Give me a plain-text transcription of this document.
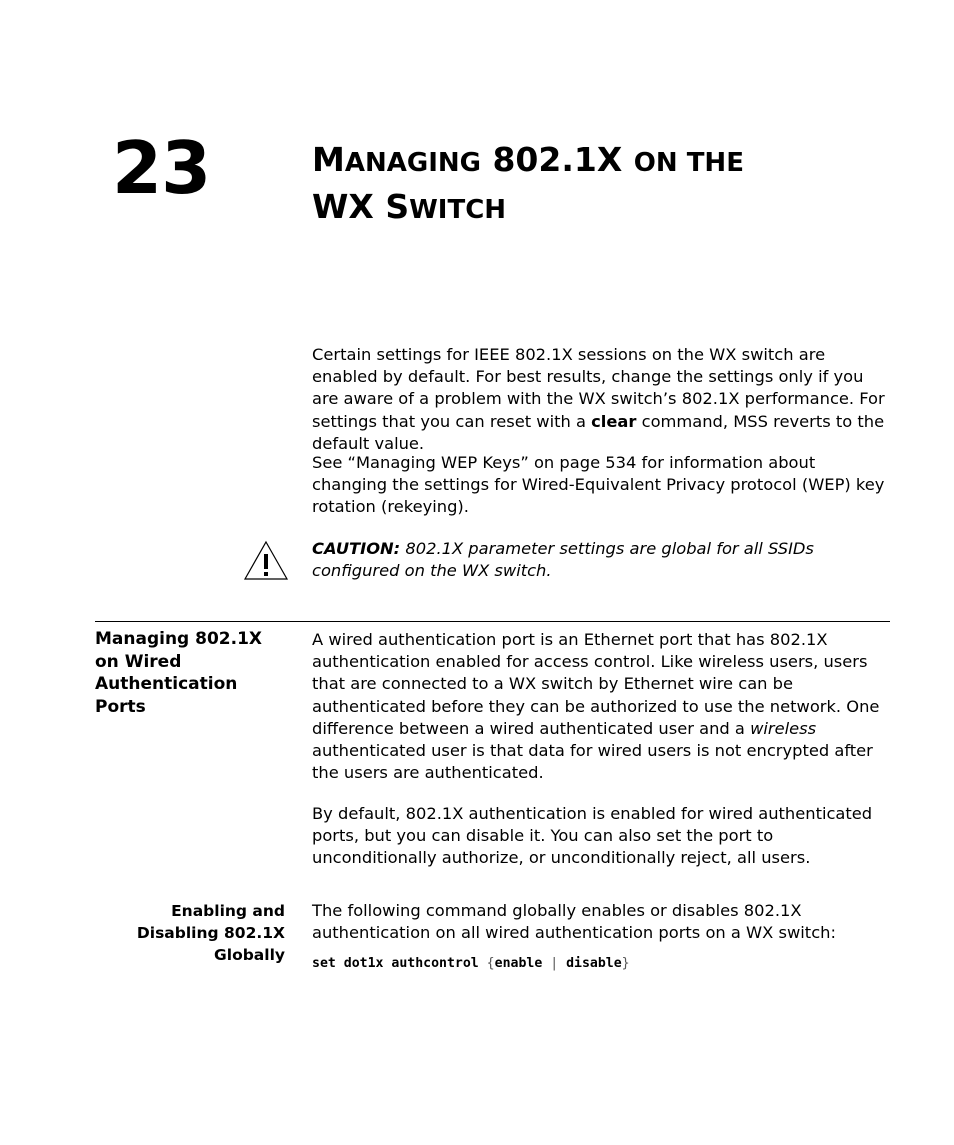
23	MANAGING 802.1X ON THE
WX SWITCH

Certain settings for IEEE 802.1X sessions on the WX switch are enabled by default. For best results, change the settings only if you are aware of a problem with the WX switch’s 802.1X performance. For settings that you can reset with a clear command, MSS reverts to the default value.

See “Managing WEP Keys” on page 534 for information about changing the settings for Wired-Equivalent Privacy protocol (WEP) key rotation (rekeying).

CAUTION: 802.1X parameter settings are global for all SSIDs configured on the WX switch.

Managing 802.1X on Wired Authentication Ports

A wired authentication port is an Ethernet port that has 802.1X authentication enabled for access control. Like wireless users, users that are connected to a WX switch by Ethernet wire can be authenticated before they can be authorized to use the network. One difference between a wired authenticated user and a wireless authenticated user is that data for wired users is not encrypted after the users are authenticated.

By default, 802.1X authentication is enabled for wired authenticated ports, but you can disable it. You can also set the port to unconditionally authorize, or unconditionally reject, all users.

Enabling and
Disabling 802.1X
Globally

The following command globally enables or disables 802.1X authentication on all wired authentication ports on a WX switch:

set dot1x authcontrol {enable | disable}
